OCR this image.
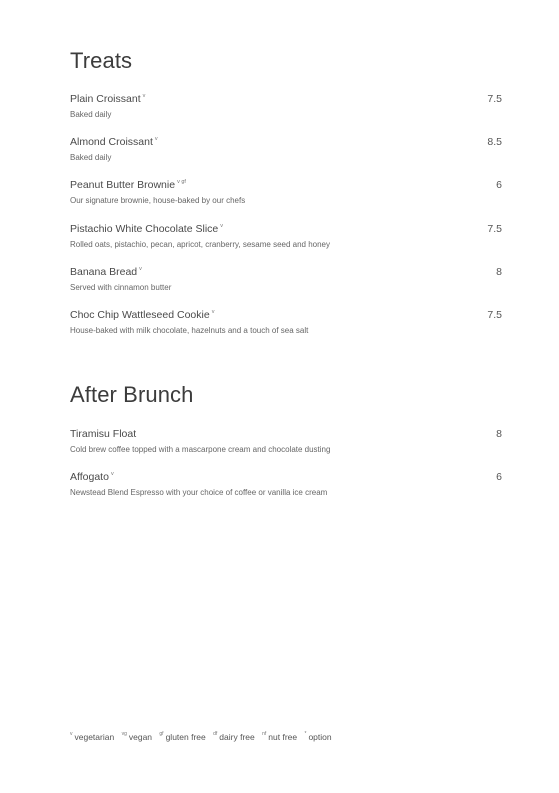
Treats
Plain Croissant $^v$	7.5
Baked daily
Almond Croissant $^v$	8.5
Baked daily
Peanut Butter Brownie $^{v gf}$	6
Our signature brownie, house-baked by our chefs
Pistachio White Chocolate Slice $^v$	7.5
Rolled oats, pistachio, pecan, apricot, cranberry, sesame seed and honey
Banana Bread $^v$	8
Served with cinnamon butter
Choc Chip Wattleseed Cookie $^v$	7.5
House-baked with milk chocolate, hazelnuts and a touch of sea salt
After Brunch
Tiramisu Float	8
Cold brew coffee topped with a mascarpone cream and chocolate dusting
Affogato $^v$	6
Newstead Blend Espresso with your choice of coffee or vanilla ice cream
$^v$ vegetarian $^{vg}$ vegan $^{gf}$ gluten free $^{df}$ dairy free $^{nf}$ nut free * option
